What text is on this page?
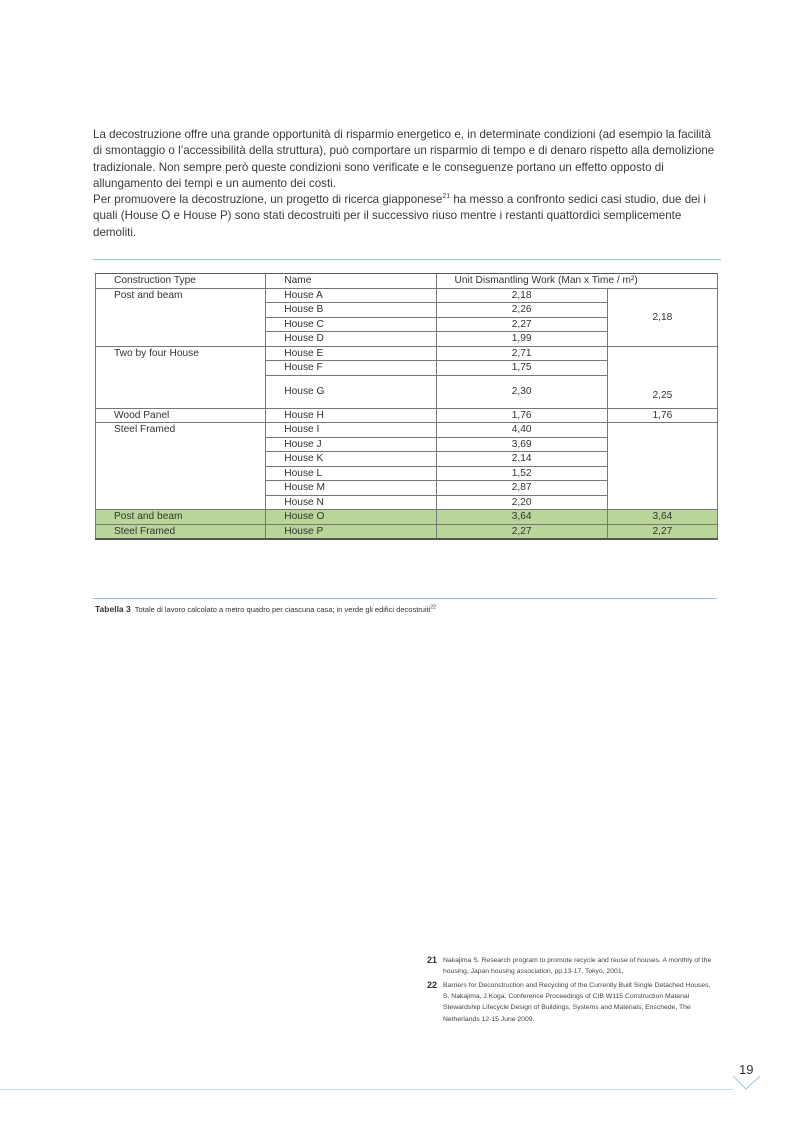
La decostruzione offre una grande opportunità di risparmio energetico e, in determinate condizioni (ad esempio la facilità di smontaggio o l’accessibilità della struttura), può comportare un risparmio di tempo e di denaro rispetto alla demolizione tradizionale. Non sempre però queste condizioni sono verificate e le conseguenze portano un effetto opposto di allungamento dei tempi e un aumento dei costi.

Per promuovere la decostruzione, un progetto di ricerca giapponese$^{21}$ ha messo a confronto sedici casi studio, due dei i quali (House O e House P) sono stati decostruiti per il successivo riuso mentre i restanti quattordici semplicemente demoliti.

Construction Type	Name	Unit Dismantling Work (Man x Time / m²)	
Post and beam	House A	2,18	2,18
	House B	2,26	
	House C	2,27	
	House D	1,99	
Two by four House	House E	2,71	2,25
	House F	1,75	
	House G	2,30	
Wood Panel	House H	1,76	1,76
Steel Framed	House I	4,40	
	House J	3,69	
	House K	2,14	
	House L	1,52	
	House M	2,87	
	House N	2,20	
Post and beam	House O	3,64	3,64
Steel Framed	House P	2,27	2,27
Tabella 3 Totale di lavoro calcolato a metro quadro per ciascuna casa; in verde gli edifici decostruiti$^{22}$
21 Nakajima S. Research program to promote recycle and reuse of houses. A monthly of the housing, Japan housing association, pp.13-17, Tokyo, 2001.
22 Barriers for Deconstruction and Recycling of the Currently Built Single Detached Houses, S. Nakajima, J.Koga, Conference Proceedings of CIB W115 Construction Material Stewardship Lifecycle Design of Buildings, Systems and Materials, Enschede, The Netherlands 12-15 June 2009.
19
